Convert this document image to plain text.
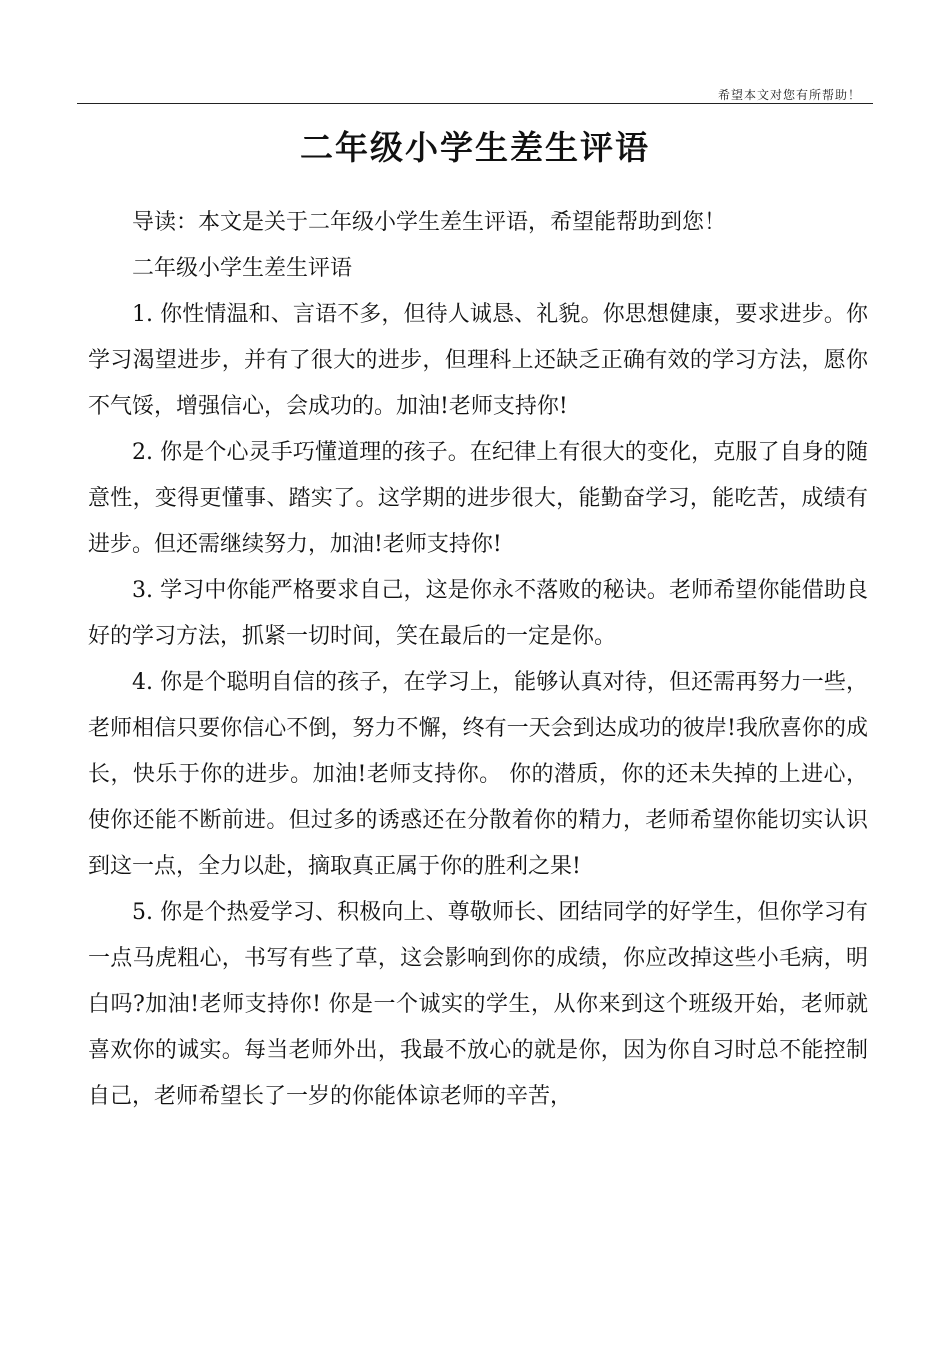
希望本文对您有所帮助！
二年级小学生差生评语

导读：本文是关于二年级小学生差生评语，希望能帮助到您！

二年级小学生差生评语

1. 你性情温和、言语不多，但待人诚恳、礼貌。你思想健康，要求进步。你学习渴望进步，并有了很大的进步，但理科上还缺乏正确有效的学习方法，愿你不气馁，增强信心，会成功的。加油!老师支持你!

2. 你是个心灵手巧懂道理的孩子。在纪律上有很大的变化，克服了自身的随意性，变得更懂事、踏实了。这学期的进步很大，能勤奋学习，能吃苦，成绩有进步。但还需继续努力，加油!老师支持你!

3. 学习中你能严格要求自己，这是你永不落败的秘诀。老师希望你能借助良好的学习方法，抓紧一切时间，笑在最后的一定是你。

4. 你是个聪明自信的孩子，在学习上，能够认真对待，但还需再努力一些，老师相信只要你信心不倒，努力不懈，终有一天会到达成功的彼岸!我欣喜你的成长，快乐于你的进步。加油!老师支持你。 你的潜质，你的还未失掉的上进心，使你还能不断前进。但过多的诱惑还在分散着你的精力，老师希望你能切实认识到这一点，全力以赴，摘取真正属于你的胜利之果!

5. 你是个热爱学习、积极向上、尊敬师长、团结同学的好学生，但你学习有一点马虎粗心，书写有些了草，这会影响到你的成绩，你应改掉这些小毛病，明白吗?加油!老师支持你! 你是一个诚实的学生，从你来到这个班级开始，老师就喜欢你的诚实。每当老师外出，我最不放心的就是你，因为你自习时总不能控制自己，老师希望长了一岁的你能体谅老师的辛苦，
